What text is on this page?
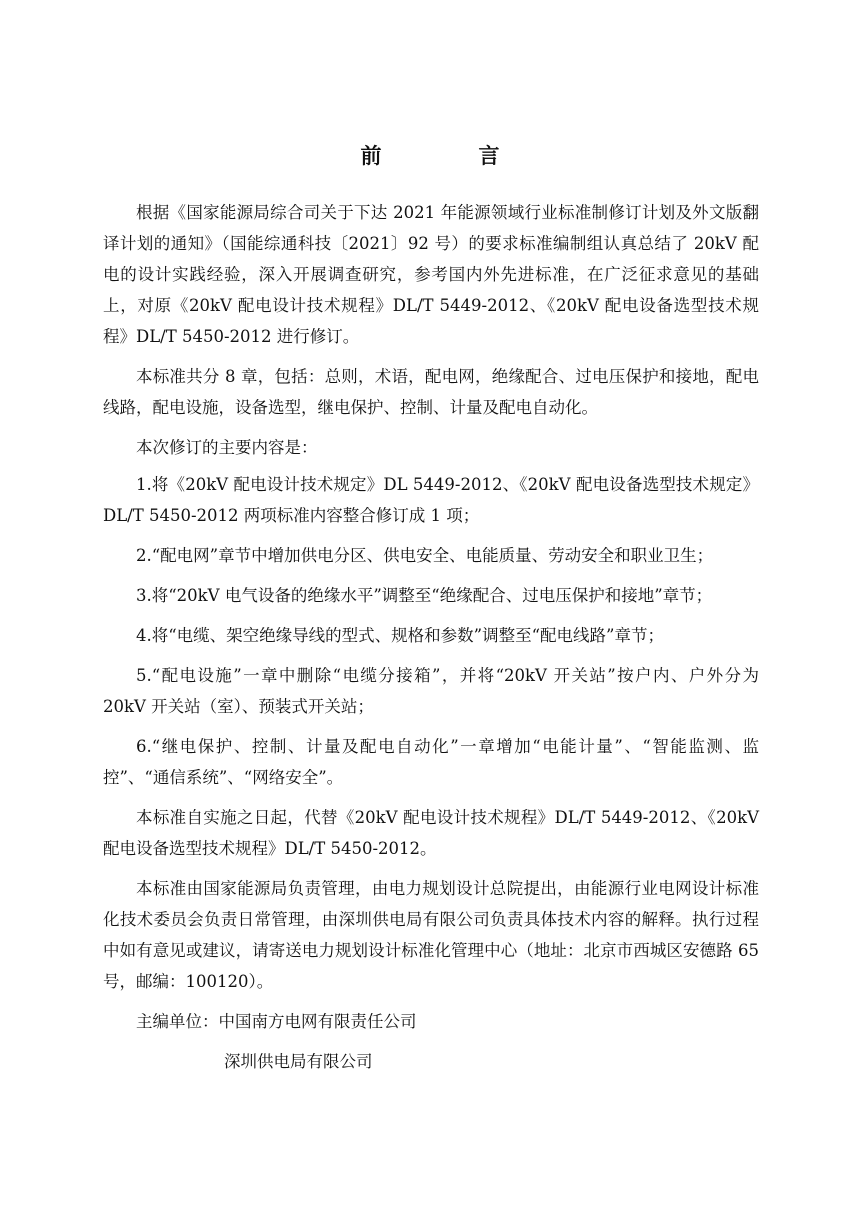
前　言

根据《国家能源局综合司关于下达 2021 年能源领域行业标准制修订计划及外文版翻译计划的通知》（国能综通科技〔2021〕92 号）的要求标准编制组认真总结了 20kV 配电的设计实践经验，深入开展调查研究，参考国内外先进标准，在广泛征求意见的基础上，对原《20kV 配电设计技术规程》DL/T 5449-2012、《20kV 配电设备选型技术规程》DL/T 5450-2012 进行修订。

本标准共分 8 章，包括：总则，术语，配电网，绝缘配合、过电压保护和接地，配电线路，配电设施，设备选型，继电保护、控制、计量及配电自动化。

本次修订的主要内容是：

1.将《20kV 配电设计技术规定》DL 5449-2012、《20kV 配电设备选型技术规定》DL/T 5450-2012 两项标准内容整合修订成 1 项；

2.“配电网”章节中增加供电分区、供电安全、电能质量、劳动安全和职业卫生；

3.将“20kV 电气设备的绝缘水平”调整至“绝缘配合、过电压保护和接地”章节；

4.将“电缆、架空绝缘导线的型式、规格和参数”调整至“配电线路”章节；

5.“配电设施”一章中删除“电缆分接箱”，并将“20kV 开关站”按户内、户外分为 20kV 开关站（室）、预装式开关站；

6.“继电保护、控制、计量及配电自动化”一章增加“电能计量”、“智能监测、监控”、“通信系统”、“网络安全”。

本标准自实施之日起，代替《20kV 配电设计技术规程》DL/T 5449-2012、《20kV 配电设备选型技术规程》DL/T 5450-2012。

本标准由国家能源局负责管理，由电力规划设计总院提出，由能源行业电网设计标准化技术委员会负责日常管理，由深圳供电局有限公司负责具体技术内容的解释。执行过程中如有意见或建议，请寄送电力规划设计标准化管理中心（地址：北京市西城区安德路 65 号，邮编：100120）。

主编单位：中国南方电网有限责任公司

深圳供电局有限公司
